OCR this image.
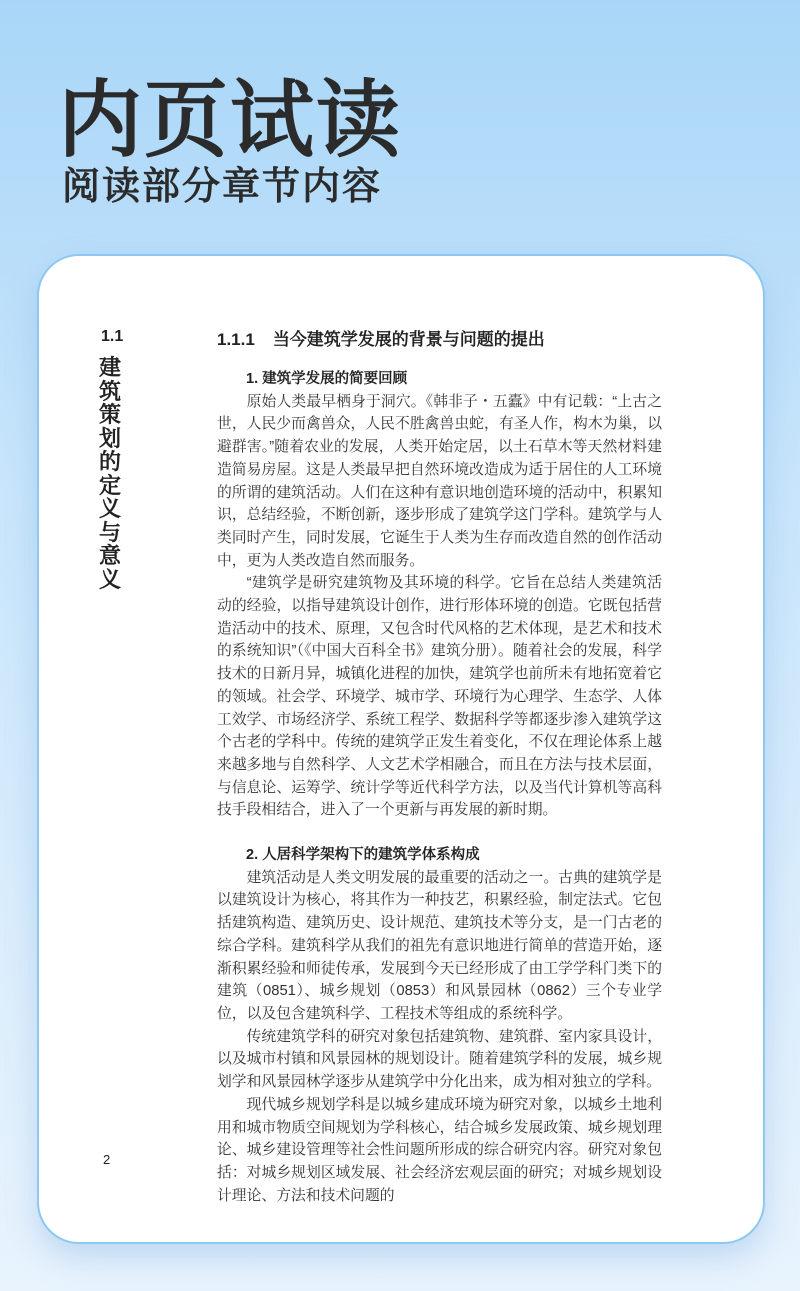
内页试读
阅读部分章节内容
1.1
建筑策划的定义与意义
2
1.1.1 当今建筑学发展的背景与问题的提出
1. 建筑学发展的简要回顾

原始人类最早栖身于洞穴。《韩非子・五蠹》中有记载：“上古之世，人民少而禽兽众，人民不胜禽兽虫蛇，有圣人作，构木为巢，以避群害。”随着农业的发展，人类开始定居，以土石草木等天然材料建造简易房屋。这是人类最早把自然环境改造成为适于居住的人工环境的所谓的建筑活动。人们在这种有意识地创造环境的活动中，积累知识，总结经验，不断创新，逐步形成了建筑学这门学科。建筑学与人类同时产生，同时发展，它诞生于人类为生存而改造自然的创作活动中，更为人类改造自然而服务。

“建筑学是研究建筑物及其环境的科学。它旨在总结人类建筑活动的经验，以指导建筑设计创作，进行形体环境的创造。它既包括营造活动中的技术、原理，又包含时代风格的艺术体现，是艺术和技术的系统知识”（《中国大百科全书》建筑分册）。随着社会的发展，科学技术的日新月异，城镇化进程的加快，建筑学也前所未有地拓宽着它的领域。社会学、环境学、城市学、环境行为心理学、生态学、人体工效学、市场经济学、系统工程学、数据科学等都逐步渗入建筑学这个古老的学科中。传统的建筑学正发生着变化，不仅在理论体系上越来越多地与自然科学、人文艺术学相融合，而且在方法与技术层面，与信息论、运筹学、统计学等近代科学方法，以及当代计算机等高科技手段相结合，进入了一个更新与再发展的新时期。

2. 人居科学架构下的建筑学体系构成

建筑活动是人类文明发展的最重要的活动之一。古典的建筑学是以建筑设计为核心，将其作为一种技艺，积累经验，制定法式。它包括建筑构造、建筑历史、设计规范、建筑技术等分支，是一门古老的综合学科。建筑科学从我们的祖先有意识地进行简单的营造开始，逐渐积累经验和师徒传承，发展到今天已经形成了由工学学科门类下的建筑（0851）、城乡规划（0853）和风景园林（0862）三个专业学位，以及包含建筑科学、工程技术等组成的系统科学。

传统建筑学科的研究对象包括建筑物、建筑群、室内家具设计，以及城市村镇和风景园林的规划设计。随着建筑学科的发展，城乡规划学和风景园林学逐步从建筑学中分化出来，成为相对独立的学科。

现代城乡规划学科是以城乡建成环境为研究对象，以城乡土地利用和城市物质空间规划为学科核心，结合城乡发展政策、城乡规划理论、城乡建设管理等社会性问题所形成的综合研究内容。研究对象包括：对城乡规划区域发展、社会经济宏观层面的研究；对城乡规划设计理论、方法和技术问题的
